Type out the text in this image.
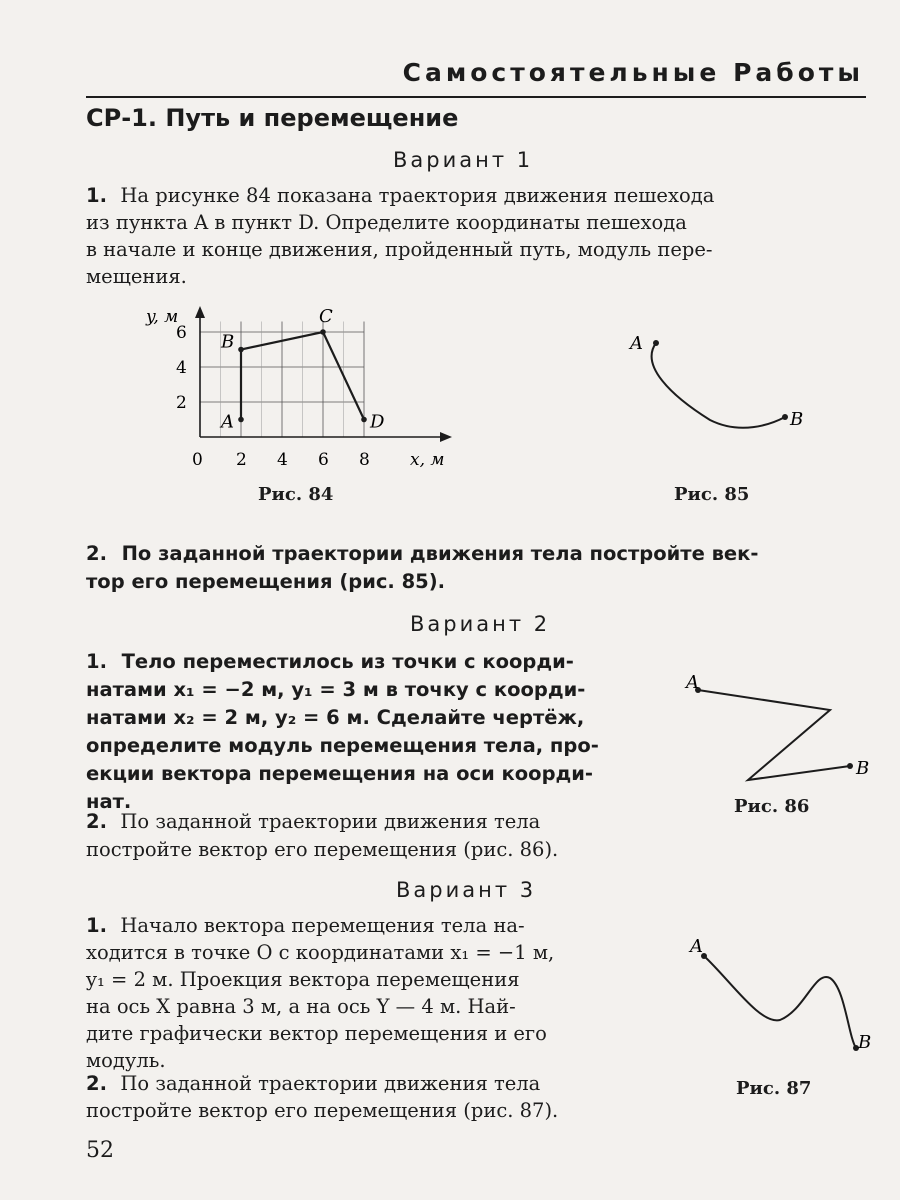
Самостоятельные Работы
СР-1. Путь и перемещение
Вариант 1
1. На рисунке 84 показана траектория движения пешехода
из пункта A в пункт D. Определите координаты пешехода
в начале и конце движения, пройденный путь, модуль пере-
мещения.
y, м
x, м
0 2 4 6 8
2
4
6
A
B
C
D
Рис. 84
A
B
Рис. 85
2. По заданной траектории движения тела постройте век-
тор его перемещения (рис. 85).
Вариант 2
1. Тело переместилось из точки с коорди-
натами x₁ = −2 м, y₁ = 3 м в точку с коорди-
натами x₂ = 2 м, y₂ = 6 м. Сделайте чертёж,
определите модуль перемещения тела, про-
екции вектора перемещения на оси коорди-
нат.
2. По заданной траектории движения тела
постройте вектор его перемещения (рис. 86).
A
B
Рис. 86
Вариант 3
1. Начало вектора перемещения тела на-
ходится в точке O с координатами x₁ = −1 м,
y₁ = 2 м. Проекция вектора перемещения
на ось X равна 3 м, а на ось Y — 4 м. Най-
дите графически вектор перемещения и его
модуль.
2. По заданной траектории движения тела
постройте вектор его перемещения (рис. 87).
A
B
Рис. 87
52
